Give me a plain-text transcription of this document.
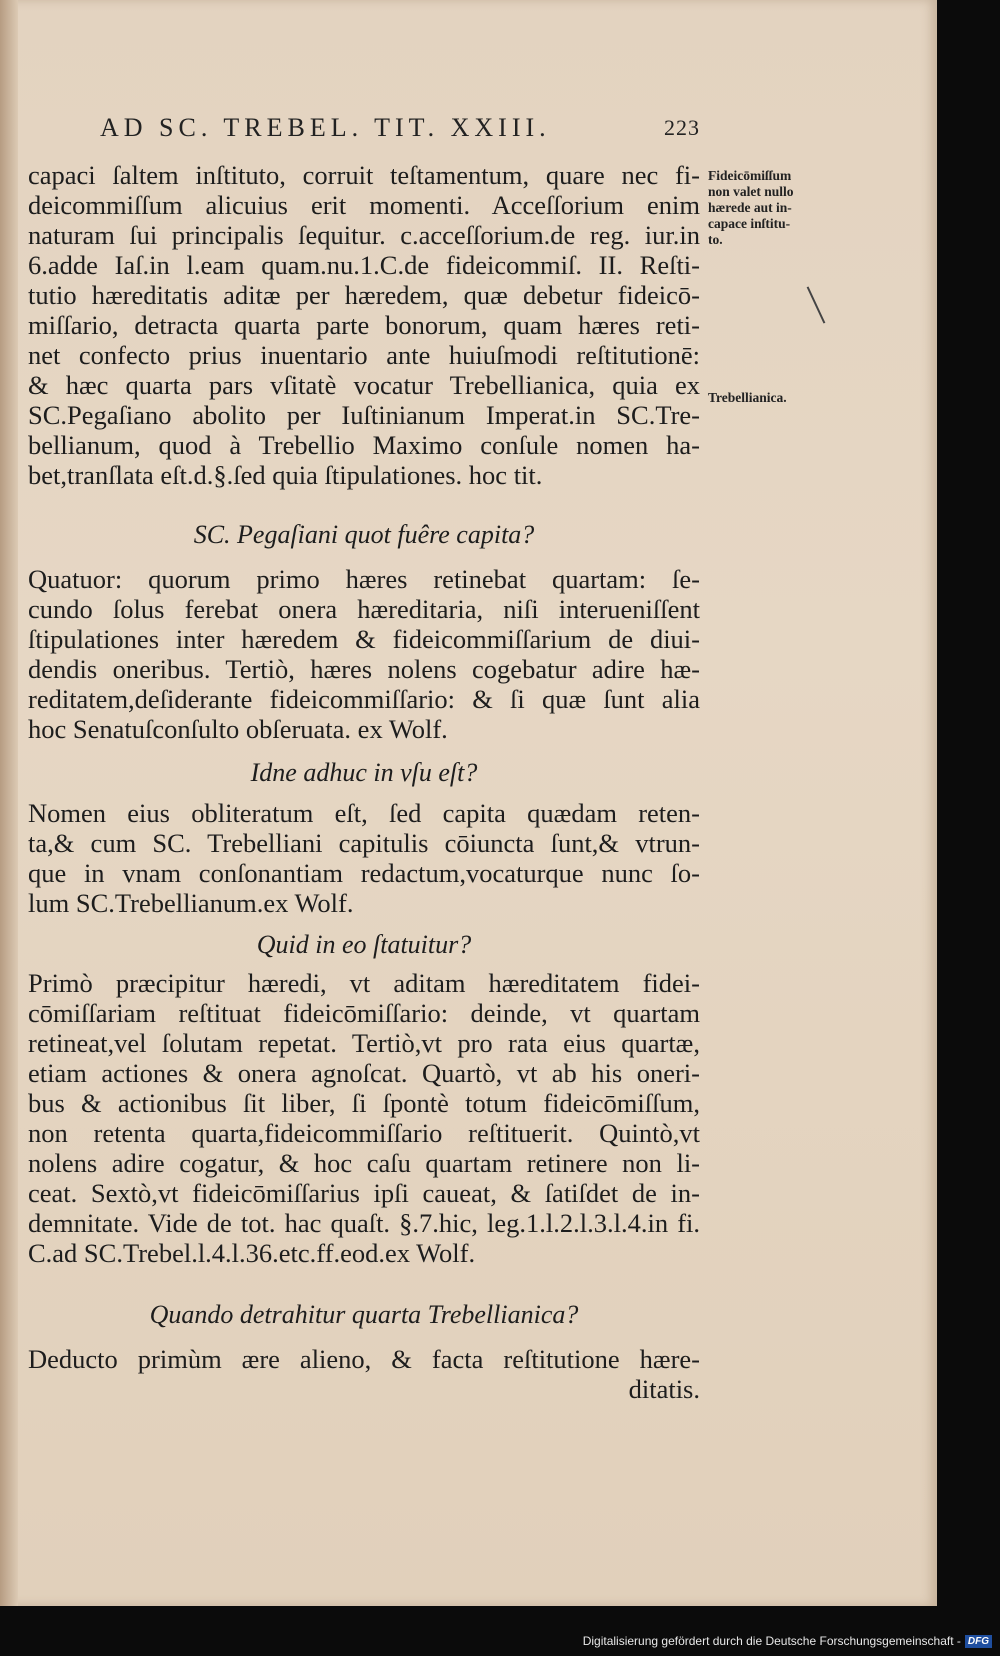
AD SC. TREBEL. TIT. XXIII.	223
Fideicōmiſſum
non valet nullo
hærede aut in-
capace inſtitu-
to.
Trebellianica.
capaci ſaltem inſtituto, corruit teſtamentum, quare nec fi-
deicommiſſum alicuius erit momenti. Acceſſorium enim
naturam ſui principalis ſequitur. c.acceſſorium.de reg. iur.in
6.adde Iaſ.in l.eam quam.nu.1.C.de fideicommiſ. II. Reſti-
tutio hæreditatis aditæ per hæredem, quæ debetur fideicō-
miſſario, detracta quarta parte bonorum, quam hæres reti-
net confecto prius inuentario ante huiuſmodi reſtitutionē:
& hæc quarta pars vſitatè vocatur Trebellianica, quia ex
SC.Pegaſiano abolito per Iuſtinianum Imperat.in SC.Tre-
bellianum, quod à Trebellio Maximo conſule nomen ha-
bet,tranſlata eſt.d.§.ſed quia ſtipulationes. hoc tit.
SC. Pegaſiani quot fuêre capita?
Quatuor: quorum primo hæres retinebat quartam: ſe-
cundo ſolus ferebat onera hæreditaria, niſi interueniſſent
ſtipulationes inter hæredem & fideicommiſſarium de diui-
dendis oneribus. Tertiò, hæres nolens cogebatur adire hæ-
reditatem,deſiderante fideicommiſſario: & ſi quæ ſunt alia
hoc Senatuſconſulto obſeruata. ex Wolf.
Idne adhuc in vſu eſt?
Nomen eius obliteratum eſt, ſed capita quædam reten-
ta,& cum SC. Trebelliani capitulis cōiuncta ſunt,& vtrun-
que in vnam conſonantiam redactum,vocaturque nunc ſo-
lum SC.Trebellianum.ex Wolf.
Quid in eo ſtatuitur?
Primò præcipitur hæredi, vt aditam hæreditatem fidei-
cōmiſſariam reſtituat fideicōmiſſario: deinde, vt quartam
retineat,vel ſolutam repetat. Tertiò,vt pro rata eius quartæ,
etiam actiones & onera agnoſcat. Quartò, vt ab his oneri-
bus & actionibus ſit liber, ſi ſpontè totum fideicōmiſſum,
non retenta quarta,fideicommiſſario reſtituerit. Quintò,vt
nolens adire cogatur, & hoc caſu quartam retinere non li-
ceat. Sextò,vt fideicōmiſſarius ipſi caueat, & ſatiſdet de in-
demnitate. Vide de tot. hac quaſt. §.7.hic, leg.1.l.2.l.3.l.4.in fi.
C.ad SC.Trebel.l.4.l.36.etc.ff.eod.ex Wolf.
Quando detrahitur quarta Trebellianica?
Deducto primùm ære alieno, & facta reſtitutione hære-
ditatis.
Digitalisierung gefördert durch die Deutsche Forschungsgemeinschaft - DFG
